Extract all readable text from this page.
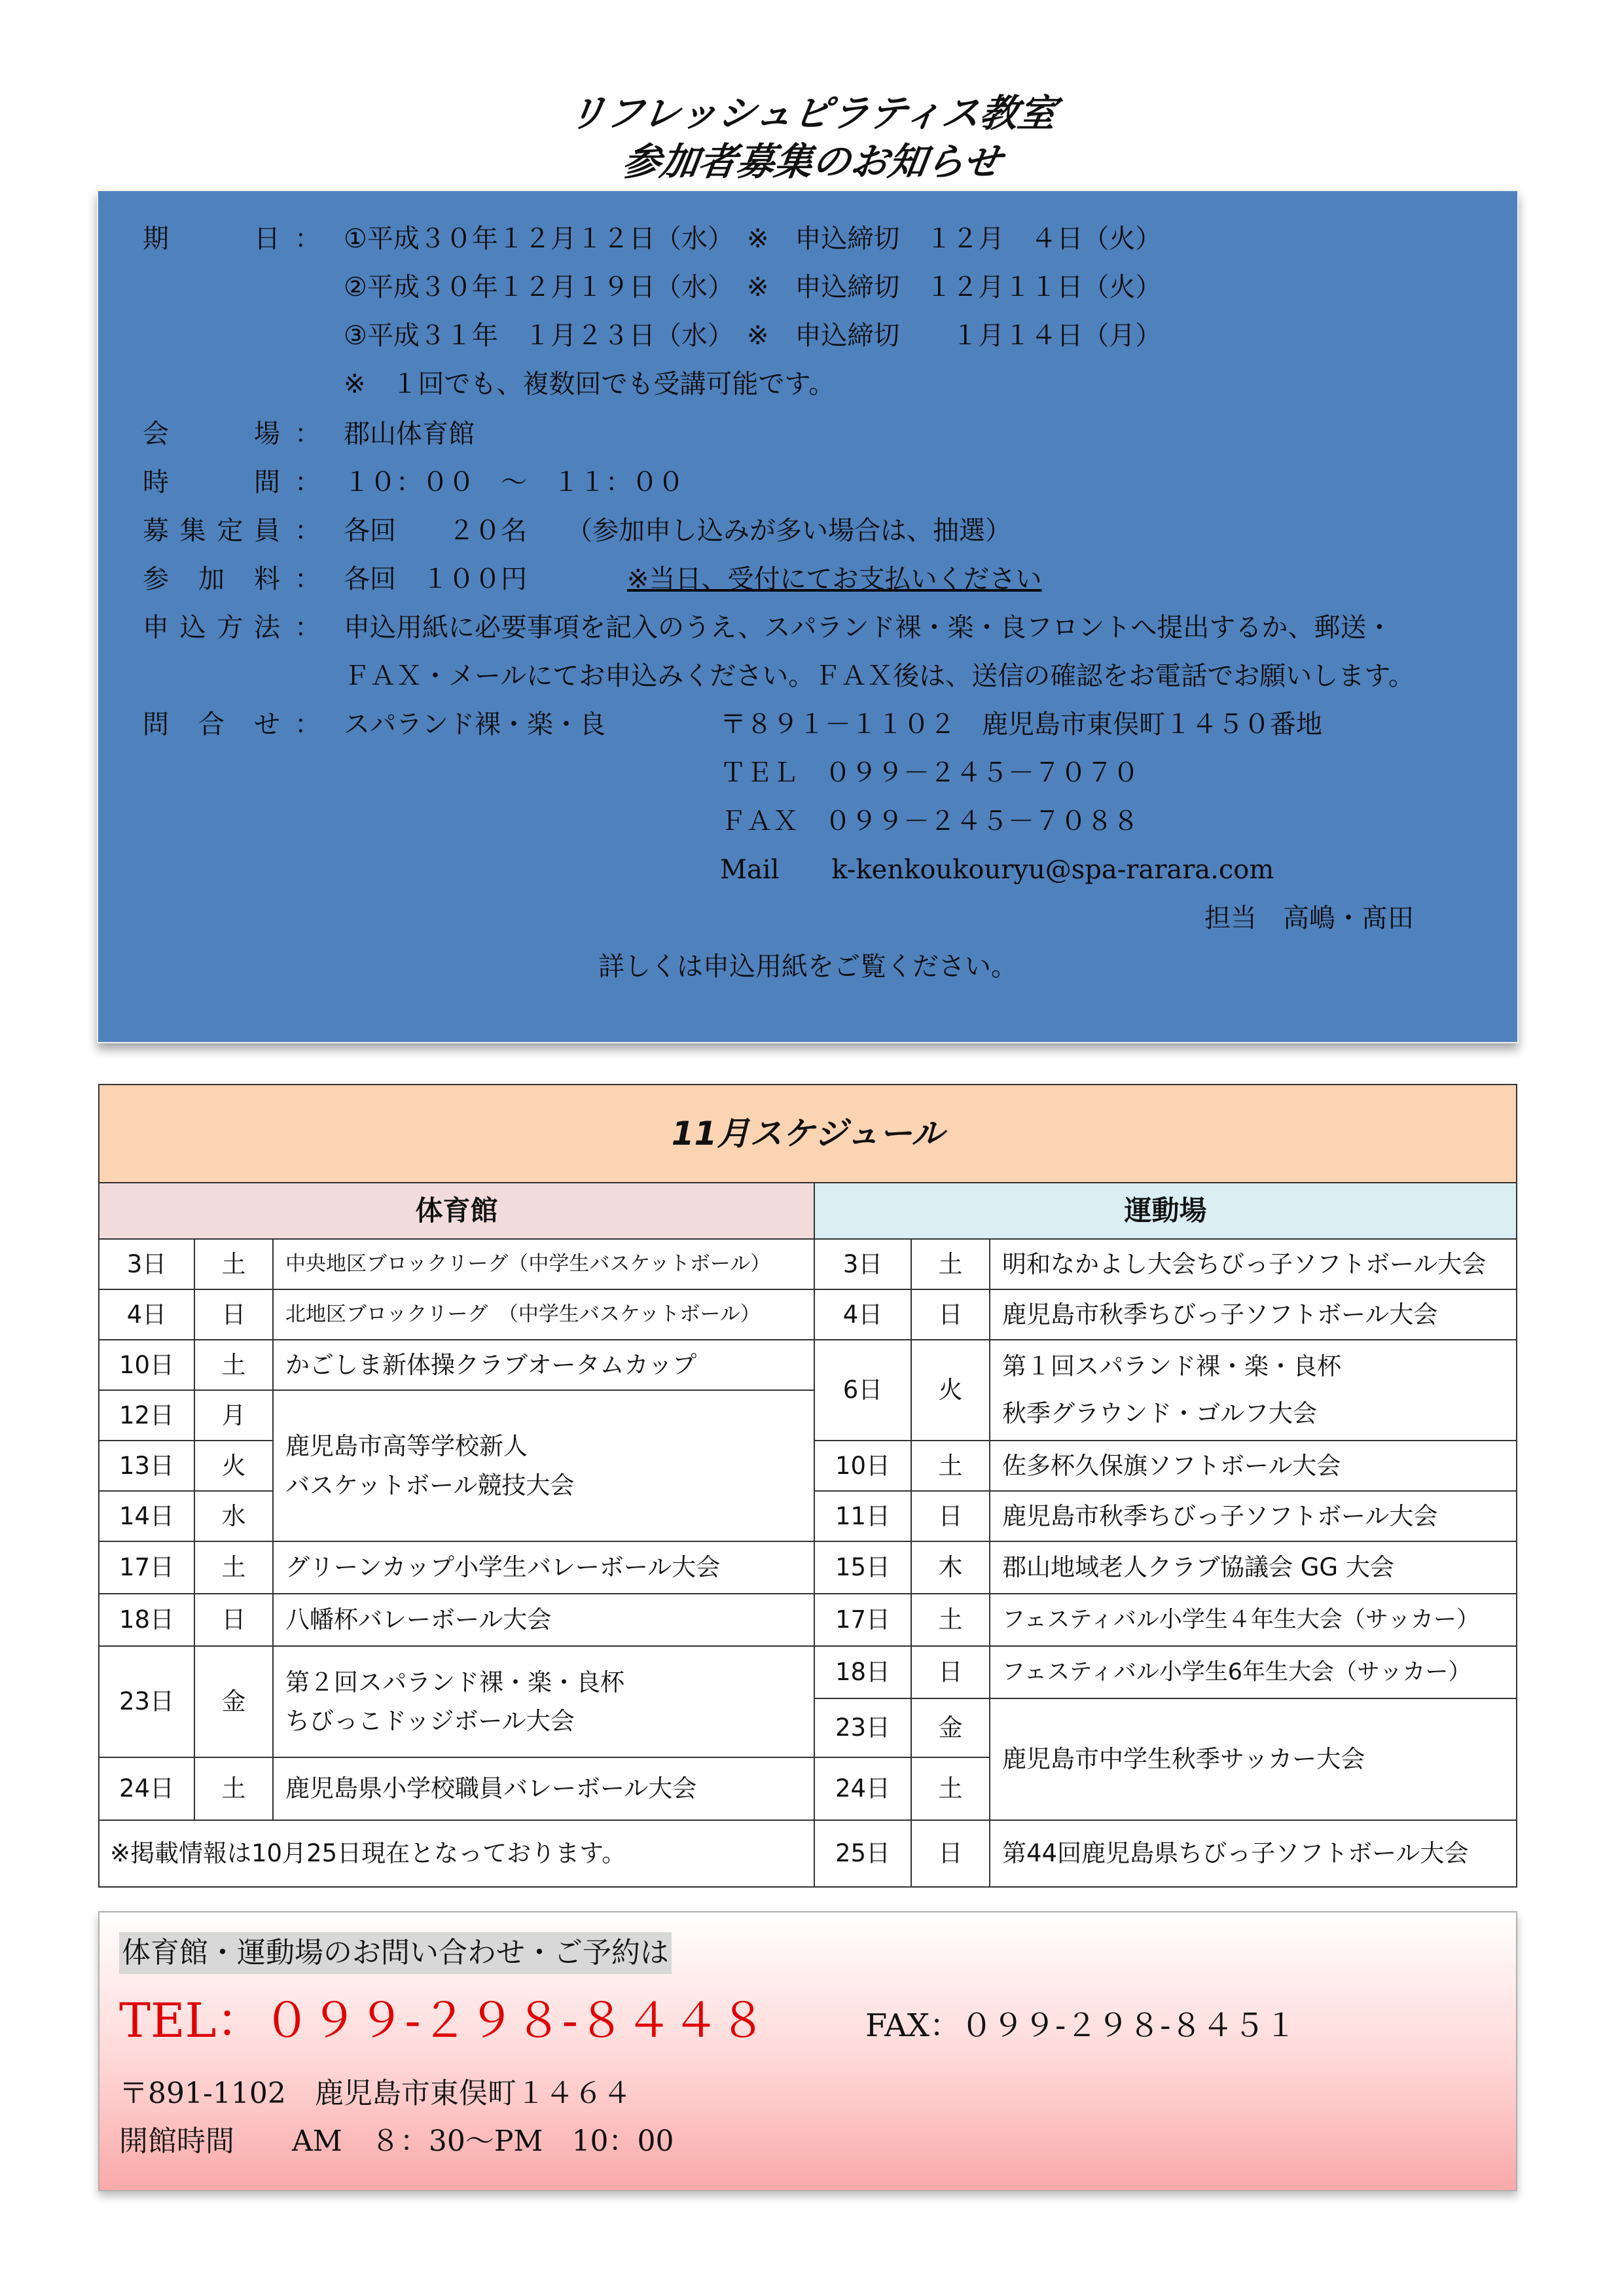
リフレッシュピラティス教室
参加者募集のお知らせ
期日 ： ①平成３０年１２月１２日（水）　※　申込締切　１２月　４日（火）
②平成３０年１２月１９日（水）　※　申込締切　１２月１１日（火）
③平成３１年　１月２３日（水）　※　申込締切　　１月１４日（月）
※　１回でも、複数回でも受講可能です。
会場 ： 郡山体育館
時間 ： １０：００　～　１１：００
募集定員 ： 各回　　２０名　　（参加申し込みが多い場合は、抽選）
参加料 ： 各回　１００円	※当日、受付にてお支払いください
申込方法 ： 申込用紙に必要事項を記入のうえ、スパランド裸・楽・良フロントへ提出するか、郵送・
ＦＡＸ・メールにてお申込みください。ＦＡＸ後は、送信の確認をお電話でお願いします。
問合せ ： スパランド裸・楽・良	〒８９１－１１０２　鹿児島市東俣町１４５０番地
ＴＥＬ　０９９－２４５－７０７０
ＦＡＸ　０９９－２４５－７０８８
Mail　　k-kenkoukouryu@spa-rarara.com
担当　高嶋・髙田
詳しくは申込用紙をご覧ください。
11月スケジュール
体育館	運動場
3日	土	中央地区ブロックリーグ（中学生バスケットボール）
4日	日	北地区ブロックリーグ　（中学生バスケットボール）
10日	土	かごしま新体操クラブオータムカップ
12日	月
13日	火
14日	水
鹿児島市高等学校新人
バスケットボール競技大会
17日	土	グリーンカップ小学生バレーボール大会
18日	日	八幡杯バレーボール大会
23日	金
第２回スパランド裸・楽・良杯
ちびっこドッジボール大会
24日	土	鹿児島県小学校職員バレーボール大会
※掲載情報は10月25日現在となっております。
3日	土	明和なかよし大会ちびっ子ソフトボール大会
4日	日	鹿児島市秋季ちびっ子ソフトボール大会
6日	火
第１回スパランド裸・楽・良杯
秋季グラウンド・ゴルフ大会
10日	土	佐多杯久保旗ソフトボール大会
11日	日	鹿児島市秋季ちびっ子ソフトボール大会
15日	木	郡山地域老人クラブ協議会 GG 大会
17日	土	フェスティバル小学生４年生大会（サッカー）
18日	日	フェスティバル小学生6年生大会（サッカー）
23日	金
24日	土
鹿児島市中学生秋季サッカー大会
25日	日	第44回鹿児島県ちびっ子ソフトボール大会
体育館・運動場のお問い合わせ・ご予約は
TEL：０９９-２９８-８４４８	FAX：０９９-２９８-８４５１
〒891-1102　鹿児島市東俣町１４６４
開館時間　　AM　８：30～PM　10：00
